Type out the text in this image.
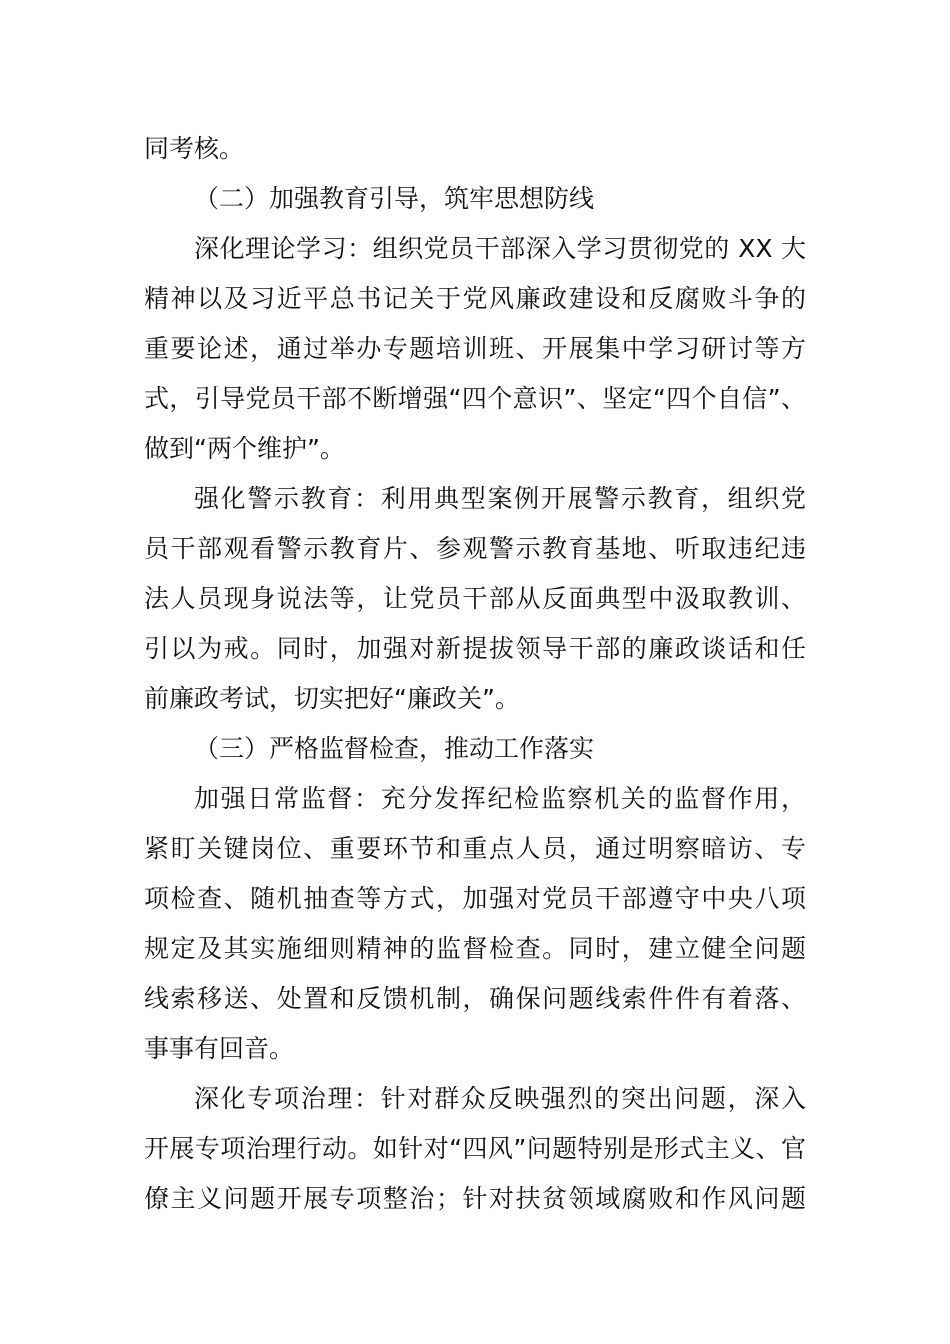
同考核。
（二）加强教育引导，筑牢思想防线
深化理论学习：组织党员干部深入学习贯彻党的 XX 大
精神以及习近平总书记关于党风廉政建设和反腐败斗争的
重要论述，通过举办专题培训班、开展集中学习研讨等方
式，引导党员干部不断增强“四个意识”、坚定“四个自信”、
做到“两个维护”。
强化警示教育：利用典型案例开展警示教育，组织党
员干部观看警示教育片、参观警示教育基地、听取违纪违
法人员现身说法等，让党员干部从反面典型中汲取教训、
引以为戒。同时，加强对新提拔领导干部的廉政谈话和任
前廉政考试，切实把好“廉政关”。
（三）严格监督检查，推动工作落实
加强日常监督：充分发挥纪检监察机关的监督作用，
紧盯关键岗位、重要环节和重点人员，通过明察暗访、专
项检查、随机抽查等方式，加强对党员干部遵守中央八项
规定及其实施细则精神的监督检查。同时，建立健全问题
线索移送、处置和反馈机制，确保问题线索件件有着落、
事事有回音。
深化专项治理：针对群众反映强烈的突出问题，深入
开展专项治理行动。如针对“四风”问题特别是形式主义、官
僚主义问题开展专项整治；针对扶贫领域腐败和作风问题
